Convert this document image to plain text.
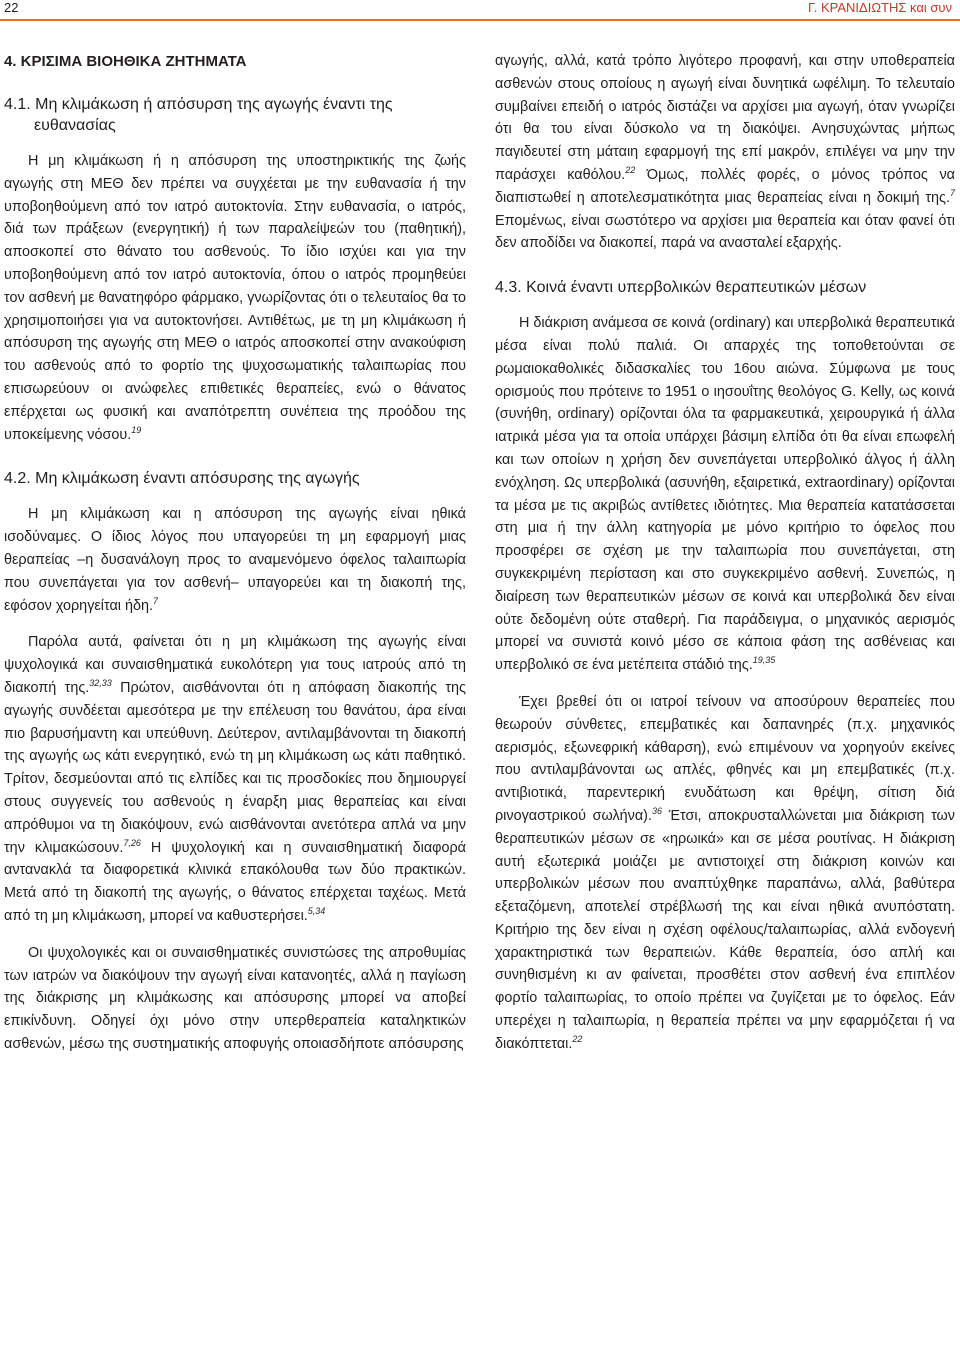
22	Γ. ΚΡΑΝΙΔΙΩΤΗΣ και συν
4. ΚΡΙΣΙΜΑ ΒΙΟΗΘΙΚΑ ΖΗΤΗΜΑΤΑ
4.1. Μη κλιμάκωση ή απόσυρση της αγωγής έναντι της ευθανασίας

Η μη κλιμάκωση ή η απόσυρση της υποστηρικτικής της ζωής αγωγής στη ΜΕΘ δεν πρέπει να συγχέεται με την ευθανασία ή την υποβοηθούμενη από τον ιατρό αυτοκτονία. Στην ευθανασία, ο ιατρός, διά των πράξεων (ενεργητική) ή των παραλείψεών του (παθητική), αποσκοπεί στο θάνατο του ασθενούς. Το ίδιο ισχύει και για την υποβοηθούμενη από τον ιατρό αυτοκτονία, όπου ο ιατρός προμηθεύει τον ασθενή με θανατηφόρο φάρμακο, γνωρίζοντας ότι ο τελευταίος θα το χρησιμοποιήσει για να αυτοκτονήσει. Αντιθέτως, με τη μη κλιμάκωση ή απόσυρση της αγωγής στη ΜΕΘ ο ιατρός αποσκοπεί στην ανακούφιση του ασθενούς από το φορτίο της ψυχοσωματικής ταλαιπωρίας που επισωρεύουν οι ανώφελες επιθετικές θεραπείες, ενώ ο θάνατος επέρχεται ως φυσική και αναπότρεπτη συνέπεια της προόδου της υποκείμενης νόσου.$^{19}$

4.2. Μη κλιμάκωση έναντι απόσυρσης της αγωγής

Η μη κλιμάκωση και η απόσυρση της αγωγής είναι ηθικά ισοδύναμες. Ο ίδιος λόγος που υπαγορεύει τη μη εφαρμογή μιας θεραπείας –η δυσανάλογη προς το αναμενόμενο όφελος ταλαιπωρία που συνεπάγεται για τον ασθενή– υπαγορεύει και τη διακοπή της, εφόσον χορηγείται ήδη.$^7$

Παρόλα αυτά, φαίνεται ότι η μη κλιμάκωση της αγωγής είναι ψυχολογικά και συναισθηματικά ευκολότερη για τους ιατρούς από τη διακοπή της.$^{32,33}$ Πρώτον, αισθάνονται ότι η απόφαση διακοπής της αγωγής συνδέεται αμεσότερα με την επέλευση του θανάτου, άρα είναι πιο βαρυσήμαντη και υπεύθυνη. Δεύτερον, αντιλαμβάνονται τη διακοπή της αγωγής ως κάτι ενεργητικό, ενώ τη μη κλιμάκωση ως κάτι παθητικό. Τρίτον, δεσμεύονται από τις ελπίδες και τις προσδοκίες που δημιουργεί στους συγγενείς του ασθενούς η έναρξη μιας θεραπείας και είναι απρόθυμοι να τη διακόψουν, ενώ αισθάνονται ανετότερα απλά να μην την κλιμακώσουν.$^{7,26}$ Η ψυχολογική και η συναισθηματική διαφορά αντανακλά τα διαφορετικά κλινικά επακόλουθα των δύο πρακτικών. Μετά από τη διακοπή της αγωγής, ο θάνατος επέρχεται ταχέως. Μετά από τη μη κλιμάκωση, μπορεί να καθυστερήσει.$^{5,34}$

Οι ψυχολογικές και οι συναισθηματικές συνιστώσες της απροθυμίας των ιατρών να διακόψουν την αγωγή είναι κατανοητές, αλλά η παγίωση της διάκρισης μη κλιμάκωσης και απόσυρσης μπορεί να αποβεί επικίνδυνη. Οδηγεί όχι μόνο στην υπερθεραπεία καταληκτικών ασθενών, μέσω της συστηματικής αποφυγής οποιασδήποτε απόσυρσης

αγωγής, αλλά, κατά τρόπο λιγότερο προφανή, και στην υποθεραπεία ασθενών στους οποίους η αγωγή είναι δυνητικά ωφέλιμη. Το τελευταίο συμβαίνει επειδή ο ιατρός διστάζει να αρχίσει μια αγωγή, όταν γνωρίζει ότι θα του είναι δύσκολο να τη διακόψει. Ανησυχώντας μήπως παγιδευτεί στη μάταιη εφαρμογή της επί μακρόν, επιλέγει να μην την παράσχει καθόλου.$^{22}$ Όμως, πολλές φορές, ο μόνος τρόπος να διαπιστωθεί η αποτελεσματικότητα μιας θεραπείας είναι η δοκιμή της.$^7$ Επομένως, είναι σωστότερο να αρχίσει μια θεραπεία και όταν φανεί ότι δεν αποδίδει να διακοπεί, παρά να ανασταλεί εξαρχής.

4.3. Κοινά έναντι υπερβολικών θεραπευτικών μέσων

Η διάκριση ανάμεσα σε κοινά (ordinary) και υπερβολικά θεραπευτικά μέσα είναι πολύ παλιά. Οι απαρχές της τοποθετούνται σε ρωμαιοκαθολικές διδασκαλίες του 16ου αιώνα. Σύμφωνα με τους ορισμούς που πρότεινε το 1951 ο ιησουΐτης θεολόγος G. Kelly, ως κοινά (συνήθη, ordinary) ορίζονται όλα τα φαρμακευτικά, χειρουργικά ή άλλα ιατρικά μέσα για τα οποία υπάρχει βάσιμη ελπίδα ότι θα είναι επωφελή και των οποίων η χρήση δεν συνεπάγεται υπερβολικό άλγος ή άλλη ενόχληση. Ως υπερβολικά (ασυνήθη, εξαιρετικά, extraordinary) ορίζονται τα μέσα με τις ακριβώς αντίθετες ιδιότητες. Μια θεραπεία κατατάσσεται στη μια ή την άλλη κατηγορία με μόνο κριτήριο το όφελος που προσφέρει σε σχέση με την ταλαιπωρία που συνεπάγεται, στη συγκεκριμένη περίσταση και στο συγκεκριμένο ασθενή. Συνεπώς, η διαίρεση των θεραπευτικών μέσων σε κοινά και υπερβολικά δεν είναι ούτε δεδομένη ούτε σταθερή. Για παράδειγμα, ο μηχανικός αερισμός μπορεί να συνιστά κοινό μέσο σε κάποια φάση της ασθένειας και υπερβολικό σε ένα μετέπειτα στάδιό της.$^{19,35}$

Έχει βρεθεί ότι οι ιατροί τείνουν να αποσύρουν θεραπείες που θεωρούν σύνθετες, επεμβατικές και δαπανηρές (π.χ. μηχανικός αερισμός, εξωνεφρική κάθαρση), ενώ επιμένουν να χορηγούν εκείνες που αντιλαμβάνονται ως απλές, φθηνές και μη επεμβατικές (π.χ. αντιβιοτικά, παρεντερική ενυδάτωση και θρέψη, σίτιση διά ρινογαστρικού σωλήνα).$^{36}$ Έτσι, αποκρυσταλλώνεται μια διάκριση των θεραπευτικών μέσων σε «ηρωικά» και σε μέσα ρουτίνας. Η διάκριση αυτή εξωτερικά μοιάζει με αντιστοιχεί στη διάκριση κοινών και υπερβολικών μέσων που αναπτύχθηκε παραπάνω, αλλά, βαθύτερα εξεταζόμενη, αποτελεί στρέβλωσή της και είναι ηθικά ανυπόστατη. Κριτήριο της δεν είναι η σχέση οφέλους/ταλαιπωρίας, αλλά ενδογενή χαρακτηριστικά των θεραπειών. Κάθε θεραπεία, όσο απλή και συνηθισμένη κι αν φαίνεται, προσθέτει στον ασθενή ένα επιπλέον φορτίο ταλαιπωρίας, το οποίο πρέπει να ζυγίζεται με το όφελος. Εάν υπερέχει η ταλαιπωρία, η θεραπεία πρέπει να μην εφαρμόζεται ή να διακόπτεται.$^{22}$
